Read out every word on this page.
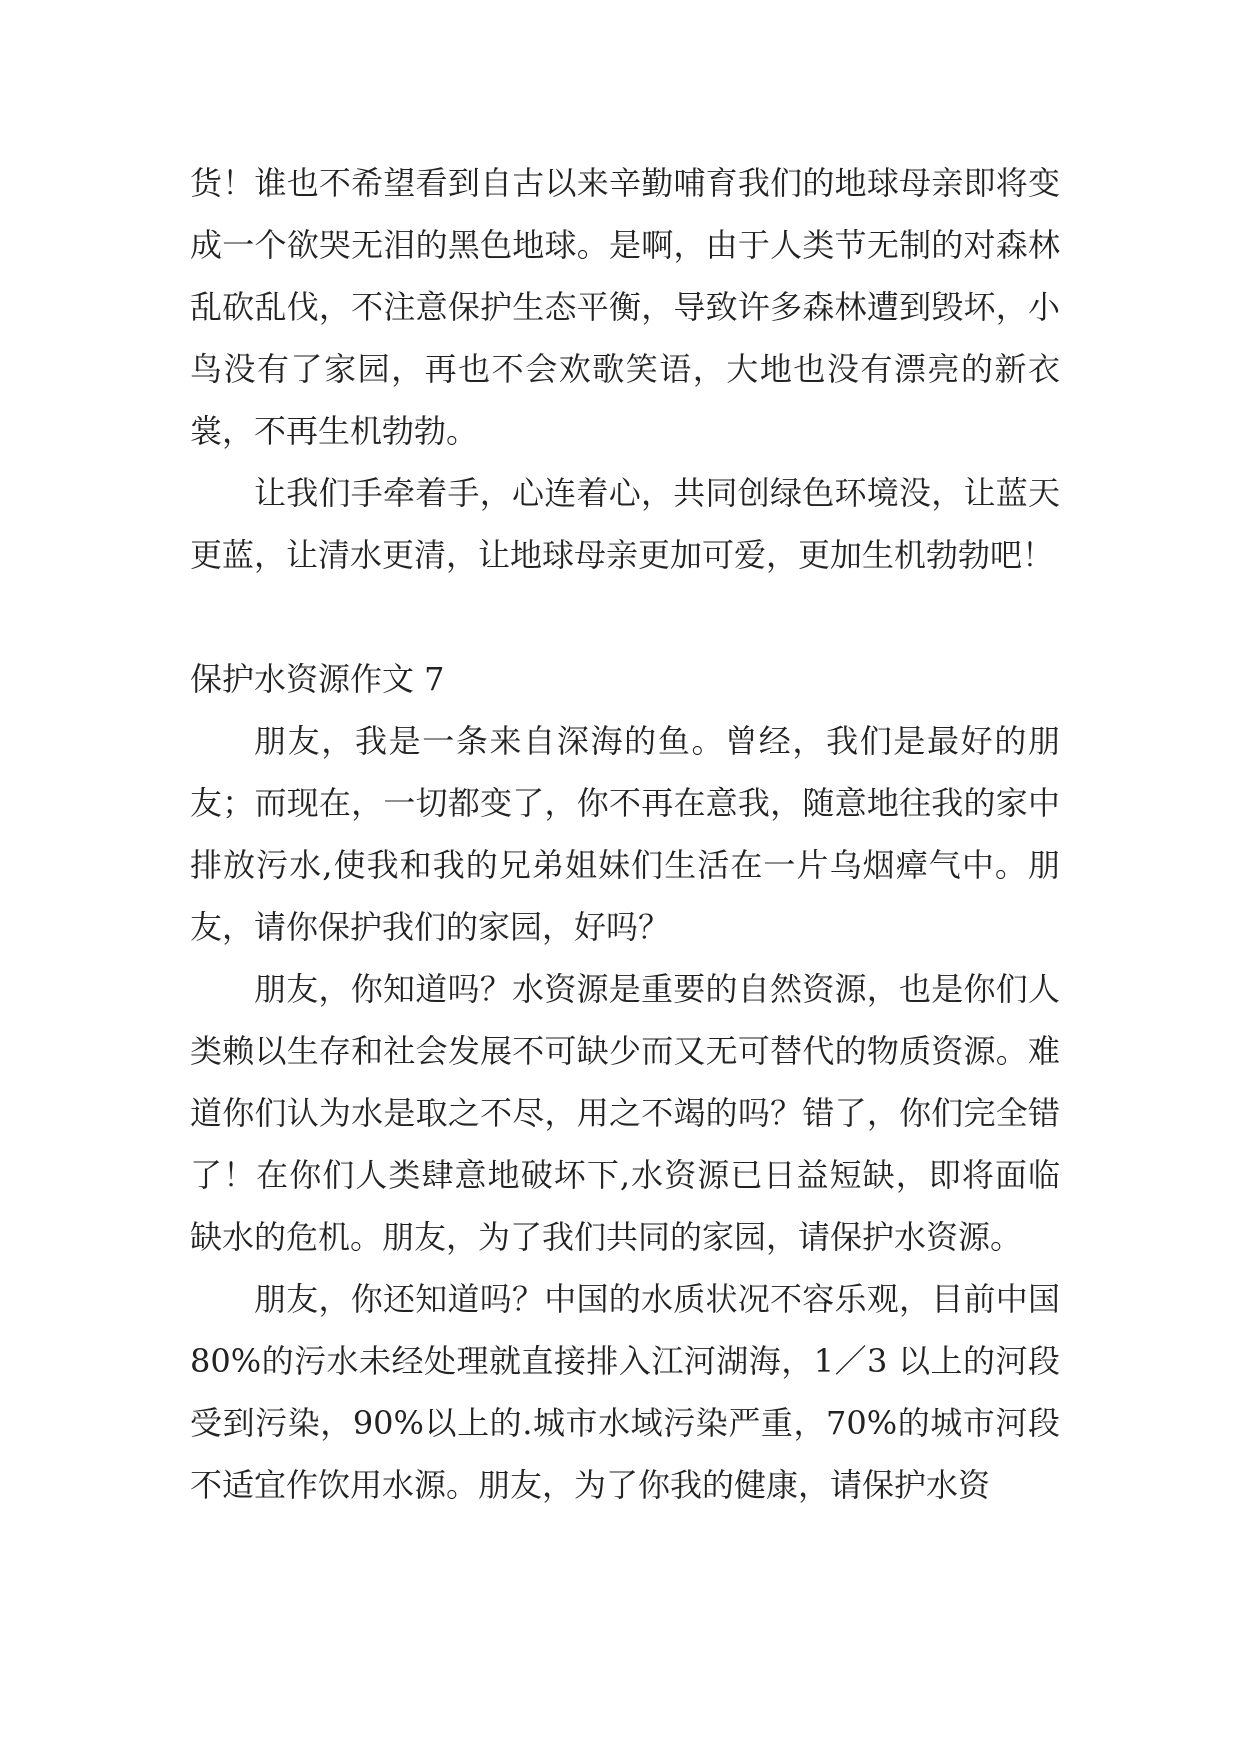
货！谁也不希望看到自古以来辛勤哺育我们的地球母亲即将变成一个欲哭无泪的黑色地球。是啊，由于人类节无制的对森林乱砍乱伐，不注意保护生态平衡，导致许多森林遭到毁坏，小鸟没有了家园，再也不会欢歌笑语，大地也没有漂亮的新衣裳，不再生机勃勃。

让我们手牵着手，心连着心，共同创绿色环境没，让蓝天更蓝，让清水更清，让地球母亲更加可爱，更加生机勃勃吧！

保护水资源作文 7

朋友，我是一条来自深海的鱼。曾经，我们是最好的朋友；而现在，一切都变了，你不再在意我，随意地往我的家中排放污水,使我和我的兄弟姐妹们生活在一片乌烟瘴气中。朋友，请你保护我们的家园，好吗？

朋友，你知道吗？水资源是重要的自然资源，也是你们人类赖以生存和社会发展不可缺少而又无可替代的物质资源。难道你们认为水是取之不尽，用之不竭的吗？错了，你们完全错了！在你们人类肆意地破坏下,水资源已日益短缺，即将面临缺水的危机。朋友，为了我们共同的家园，请保护水资源。

朋友，你还知道吗？中国的水质状况不容乐观，目前中国 80%的污水未经处理就直接排入江河湖海，1／3 以上的河段受到污染，90%以上的.城市水域污染严重，70%的城市河段不适宜作饮用水源。朋友，为了你我的健康，请保护水资
